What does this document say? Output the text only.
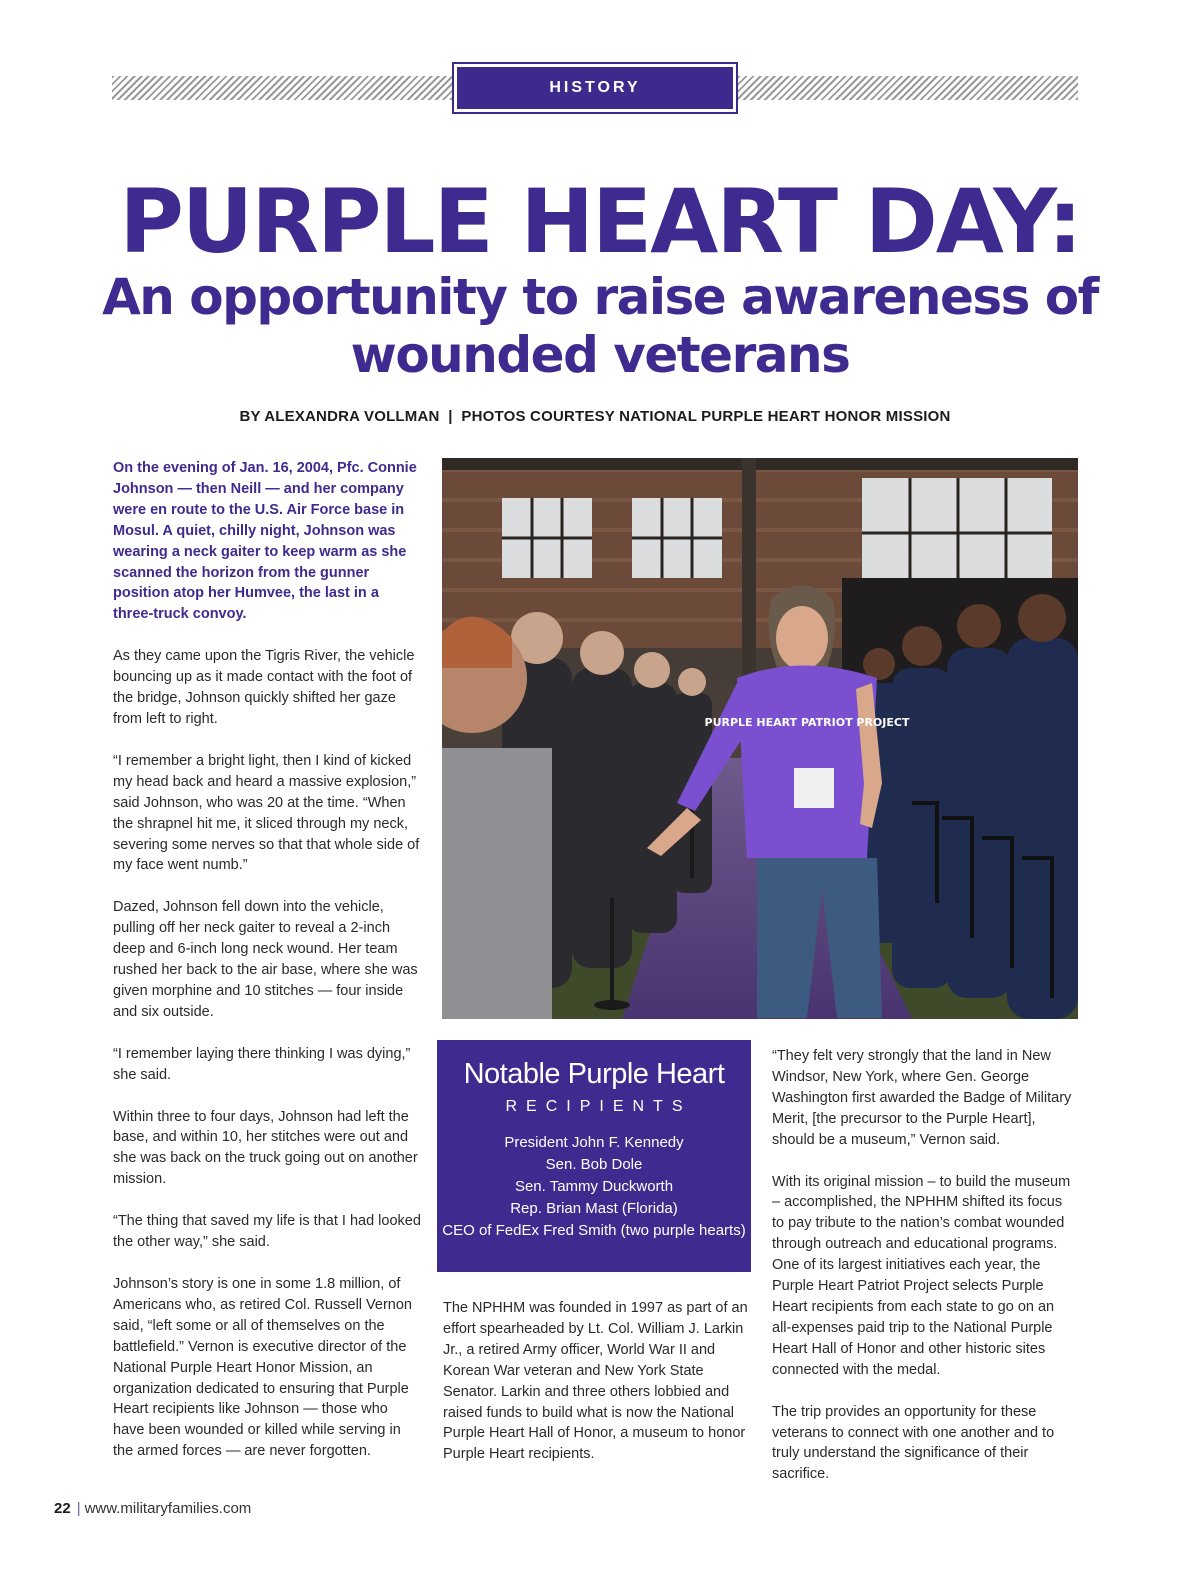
HISTORY
PURPLE HEART DAY:
An opportunity to raise awareness of wounded veterans
BY ALEXANDRA VOLLMAN  |  PHOTOS COURTESY NATIONAL PURPLE HEART HONOR MISSION

On the evening of Jan. 16, 2004, Pfc. Connie Johnson — then Neill — and her company were en route to the U.S. Air Force base in Mosul. A quiet, chilly night, Johnson was wearing a neck gaiter to keep warm as she scanned the horizon from the gunner position atop her Humvee, the last in a three-truck convoy.

As they came upon the Tigris River, the vehicle bouncing up as it made contact with the foot of the bridge, Johnson quickly shifted her gaze from left to right.

“I remember a bright light, then I kind of kicked my head back and heard a massive explosion,” said Johnson, who was 20 at the time. “When the shrapnel hit me, it sliced through my neck, severing some nerves so that that whole side of my face went numb.”

Dazed, Johnson fell down into the vehicle, pulling off her neck gaiter to reveal a 2-inch deep and 6-inch long neck wound. Her team rushed her back to the air base, where she was given morphine and 10 stitches — four inside and six outside.

“I remember laying there thinking I was dying,” she said.

Within three to four days, Johnson had left the base, and within 10, her stitches were out and she was back on the truck going out on another mission.

“The thing that saved my life is that I had looked the other way,” she said.

Johnson’s story is one in some 1.8 million, of Americans who, as retired Col. Russell Vernon said, “left some or all of themselves on the battlefield.” Vernon is executive director of the National Purple Heart Honor Mission, an organization dedicated to ensuring that Purple Heart recipients like Johnson — those who have been wounded or killed while serving in the armed forces — are never forgotten.

PURPLE HEART PATRIOT PROJECT
Notable Purple Heart
RECIPIENTS
President John F. Kennedy
Sen. Bob Dole
Sen. Tammy Duckworth
Rep. Brian Mast (Florida)
CEO of FedEx Fred Smith (two purple hearts)

The NPHHM was founded in 1997 as part of an effort spearheaded by Lt. Col. William J. Larkin Jr., a retired Army officer, World War II and Korean War veteran and New York State Senator. Larkin and three others lobbied and raised funds to build what is now the National Purple Heart Hall of Honor, a museum to honor Purple Heart recipients.

“They felt very strongly that the land in New Windsor, New York, where Gen. George Washington first awarded the Badge of Military Merit, [the precursor to the Purple Heart], should be a museum,” Vernon said.

With its original mission – to build the museum – accomplished, the NPHHM shifted its focus to pay tribute to the nation’s combat wounded through outreach and educational programs. One of its largest initiatives each year, the Purple Heart Patriot Project selects Purple Heart recipients from each state to go on an all-expenses paid trip to the National Purple Heart Hall of Honor and other historic sites connected with the medal.

The trip provides an opportunity for these veterans to connect with one another and to truly understand the significance of their sacrifice.

22 | www.militaryfamilies.com
